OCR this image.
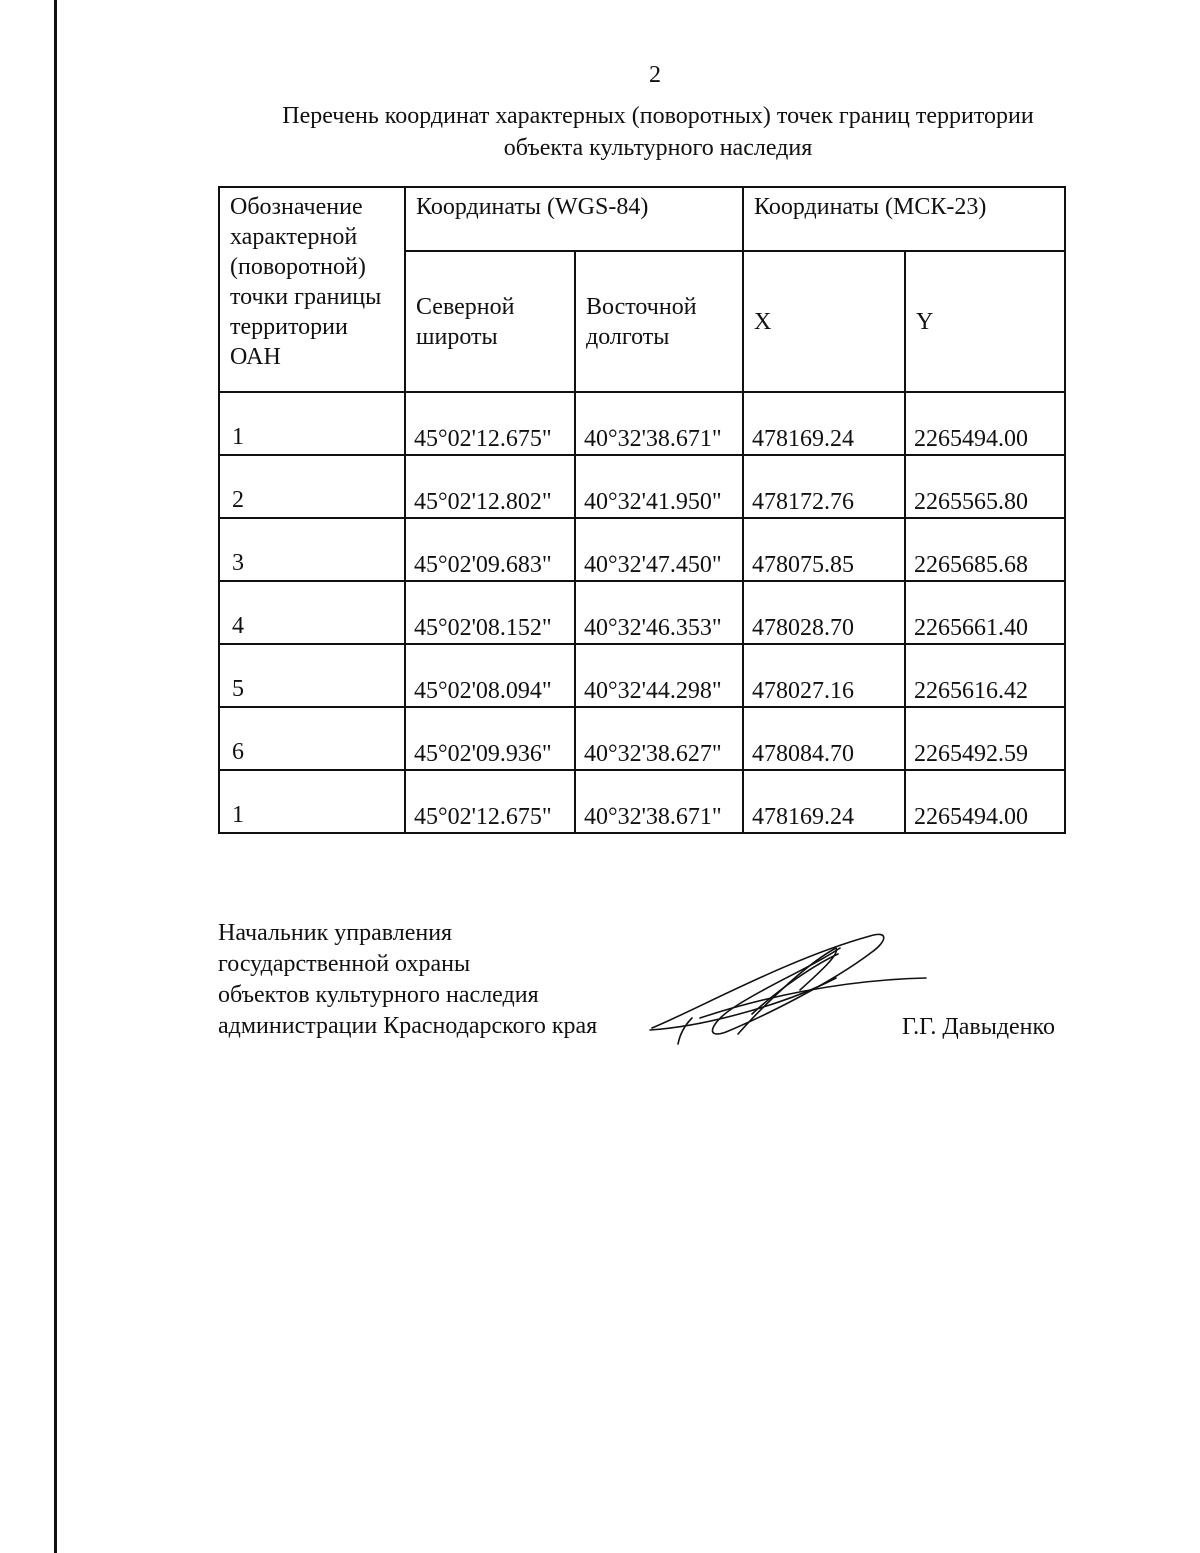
2
Перечень координат характерных (поворотных) точек границ территории
объекта культурного наследия
Обозначение характерной (поворотной) точки границы территории ОАН	Координаты (WGS-84)		Координаты (МСК-23)	
	Северной широты	Восточной долготы	X	Y
1	45°02'12.675"	40°32'38.671"	478169.24	2265494.00
2	45°02'12.802"	40°32'41.950"	478172.76	2265565.80
3	45°02'09.683"	40°32'47.450"	478075.85	2265685.68
4	45°02'08.152"	40°32'46.353"	478028.70	2265661.40
5	45°02'08.094"	40°32'44.298"	478027.16	2265616.42
6	45°02'09.936"	40°32'38.627"	478084.70	2265492.59
1	45°02'12.675"	40°32'38.671"	478169.24	2265494.00
Начальник управления
государственной охраны
объектов культурного наследия
администрации Краснодарского края	Г.Г. Давыденко
